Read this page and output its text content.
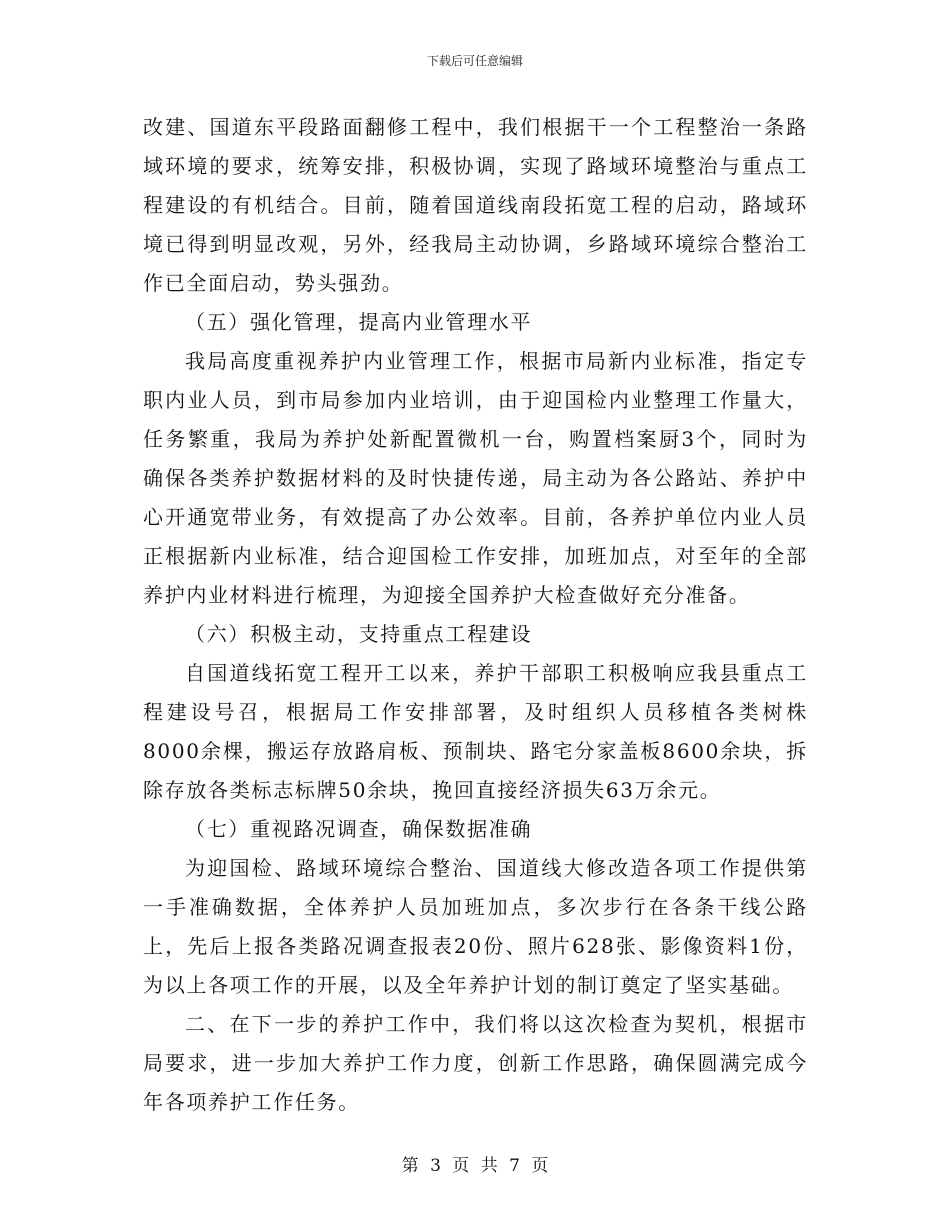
下载后可任意编辑

改建、国道东平段路面翻修工程中，我们根据干一个工程整治一条路域环境的要求，统筹安排，积极协调，实现了路域环境整治与重点工程建设的有机结合。目前，随着国道线南段拓宽工程的启动，路域环境已得到明显改观，另外，经我局主动协调，乡路域环境综合整治工作已全面启动，势头强劲。

（五）强化管理，提高内业管理水平

我局高度重视养护内业管理工作，根据市局新内业标准，指定专职内业人员，到市局参加内业培训，由于迎国检内业整理工作量大，任务繁重，我局为养护处新配置微机一台，购置档案厨3个，同时为确保各类养护数据材料的及时快捷传递，局主动为各公路站、养护中心开通宽带业务，有效提高了办公效率。目前，各养护单位内业人员正根据新内业标准，结合迎国检工作安排，加班加点，对至年的全部养护内业材料进行梳理，为迎接全国养护大检查做好充分准备。

（六）积极主动，支持重点工程建设

自国道线拓宽工程开工以来，养护干部职工积极响应我县重点工程建设号召，根据局工作安排部署，及时组织人员移植各类树株8000余棵，搬运存放路肩板、预制块、路宅分家盖板8600余块，拆除存放各类标志标牌50余块，挽回直接经济损失63万余元。

（七）重视路况调查，确保数据准确

为迎国检、路域环境综合整治、国道线大修改造各项工作提供第一手准确数据，全体养护人员加班加点，多次步行在各条干线公路上，先后上报各类路况调查报表20份、照片628张、影像资料1份，为以上各项工作的开展，以及全年养护计划的制订奠定了坚实基础。

二、在下一步的养护工作中，我们将以这次检查为契机，根据市局要求，进一步加大养护工作力度，创新工作思路，确保圆满完成今年各项养护工作任务。

第 3 页 共 7 页
